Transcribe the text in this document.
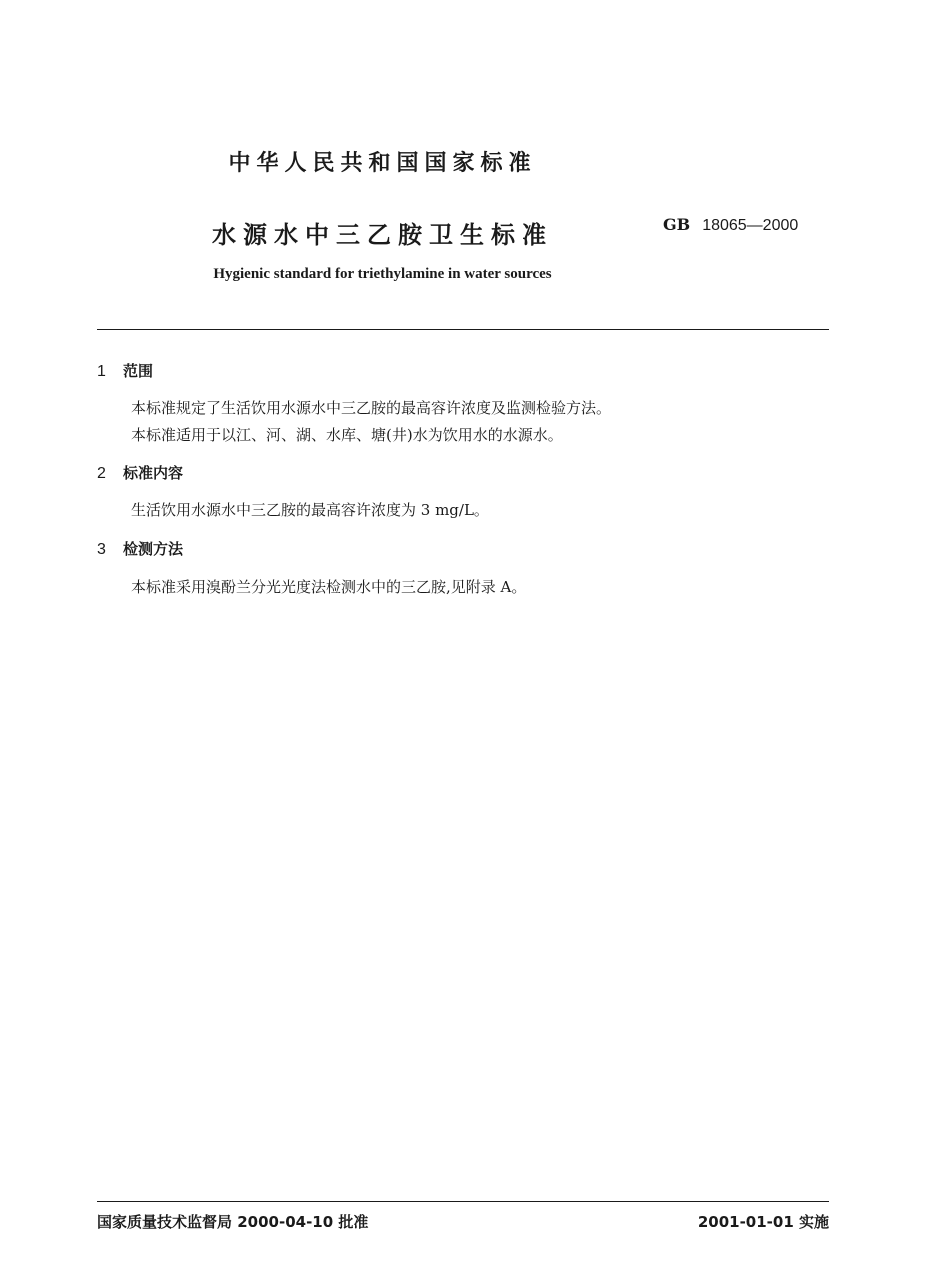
中华人民共和国国家标准
水源水中三乙胺卫生标准	GB 18065—2000
Hygienic standard for triethylamine in water sources
1 范围
本标准规定了生活饮用水源水中三乙胺的最高容许浓度及监测检验方法。
本标准适用于以江、河、湖、水库、塘(井)水为饮用水的水源水。
2 标准内容
生活饮用水源水中三乙胺的最高容许浓度为 3 mg/L。
3 检测方法
本标准采用溴酚兰分光光度法检测水中的三乙胺,见附录 A。
国家质量技术监督局 2000-04-10 批准	2001-01-01 实施
